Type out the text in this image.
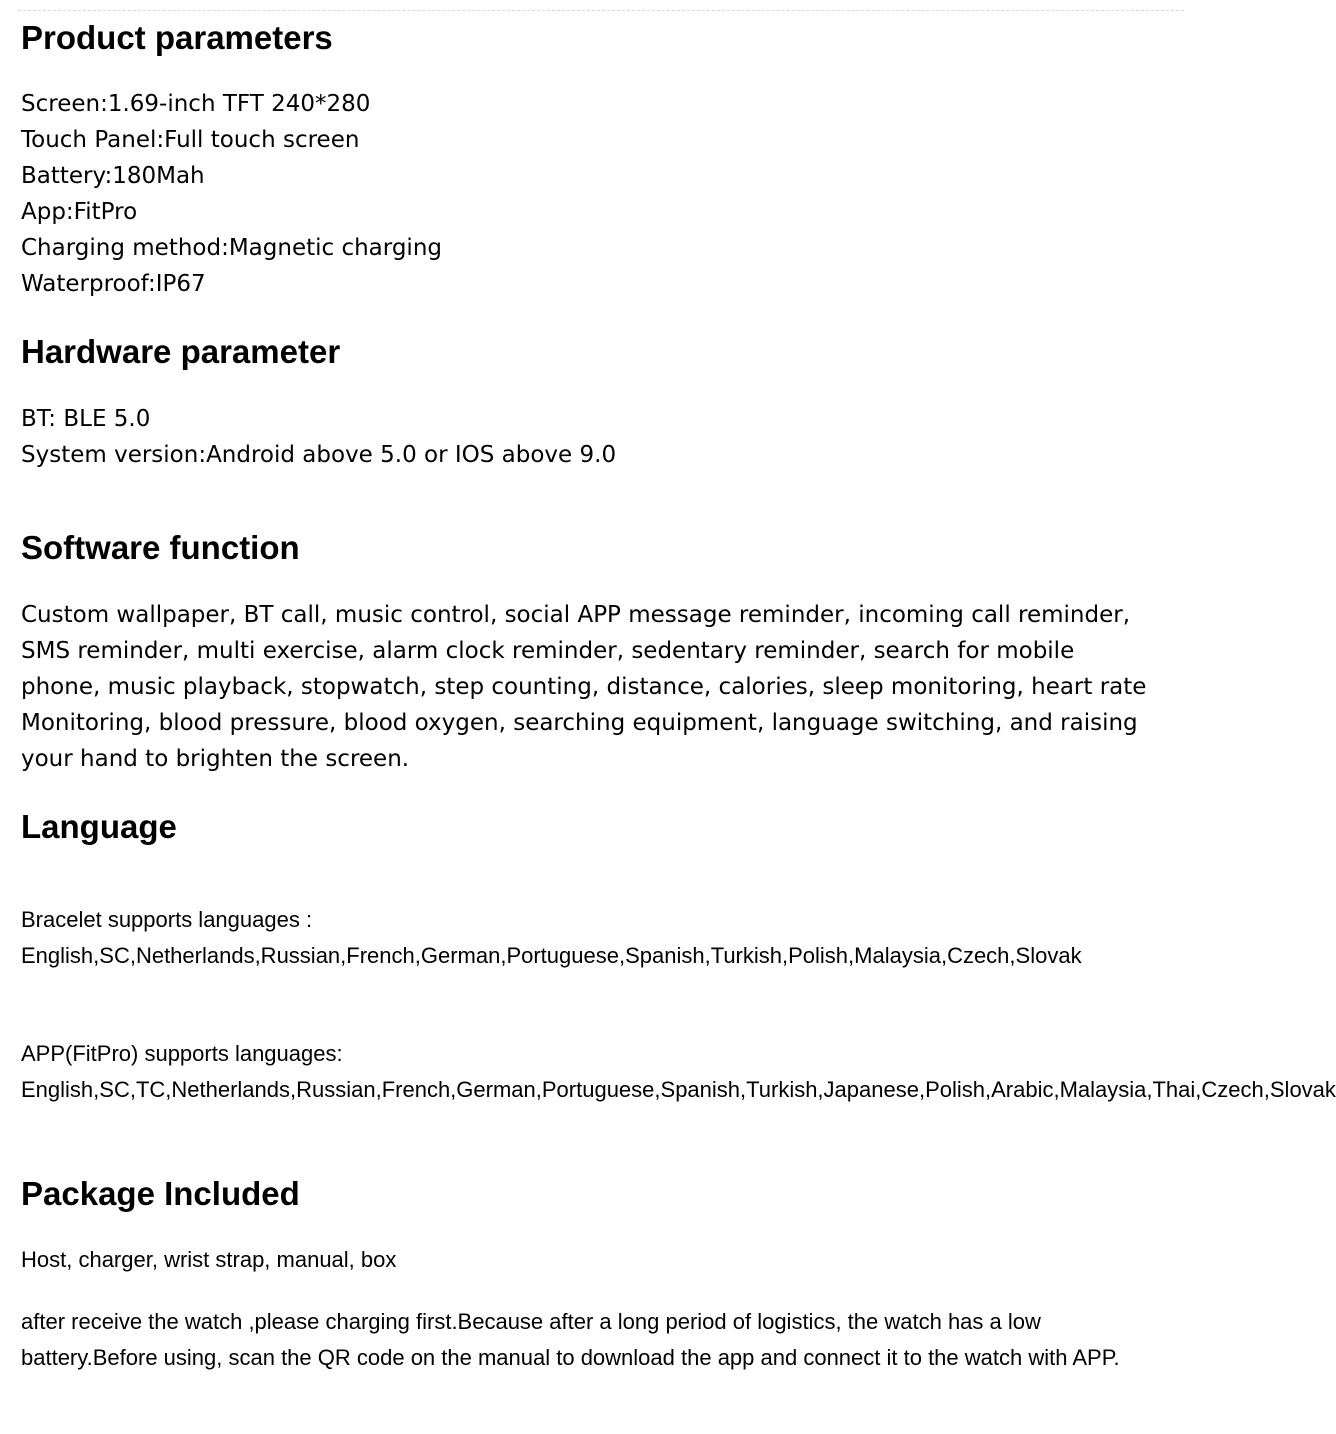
Product parameters
Screen:1.69-inch TFT 240*280
Touch Panel:Full touch screen
Battery:180Mah
App:FitPro
Charging method:Magnetic charging
Waterproof:IP67
Hardware parameter
BT: BLE 5.0
System version:Android above 5.0 or IOS above 9.0
Software function
Custom wallpaper, BT call, music control, social APP message reminder, incoming call reminder, SMS reminder, multi exercise, alarm clock reminder, sedentary reminder, search for mobile phone, music playback, stopwatch, step counting, distance, calories, sleep monitoring, heart rate Monitoring, blood pressure, blood oxygen, searching equipment, language switching, and raising your hand to brighten the screen.
Language
Bracelet supports languages :
English,SC,Netherlands,Russian,French,German,Portuguese,Spanish,Turkish,Polish,Malaysia,Czech,Slovak
APP(FitPro) supports languages:
English,SC,TC,Netherlands,Russian,French,German,Portuguese,Spanish,Turkish,Japanese,Polish,Arabic,Malaysia,Thai,Czech,Slovak
Package Included
Host, charger, wrist strap, manual, box
after receive the watch ,please charging first.Because after a long period of logistics, the watch has a low battery.Before using, scan the QR code on the manual to download the app and connect it to the watch with APP.
